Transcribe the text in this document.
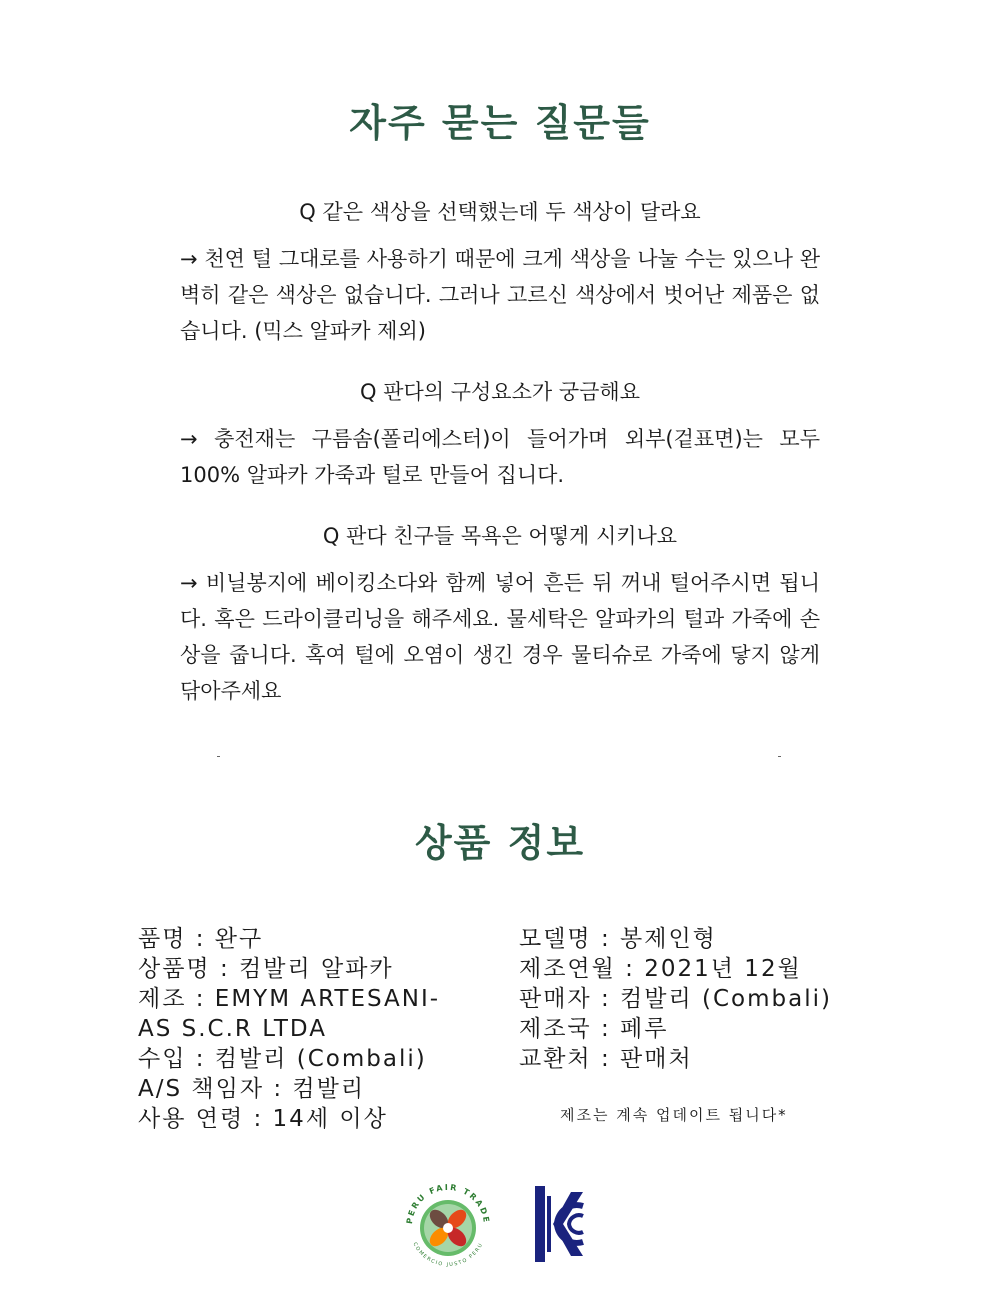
자주 묻는 질문들
Q 같은 색상을 선택했는데 두 색상이 달라요
→ 천연 털 그대로를 사용하기 때문에 크게 색상을 나눌 수는 있으나 완벽히 같은 색상은 없습니다. 그러나 고르신 색상에서 벗어난 제품은 없습니다. (믹스 알파카 제외)
Q 판다의 구성요소가 궁금해요
→ 충전재는 구름솜(폴리에스터)이 들어가며 외부(겉표면)는 모두 100% 알파카 가죽과 털로 만들어 집니다.
Q 판다 친구들 목욕은 어떻게 시키나요
→ 비닐봉지에 베이킹소다와 함께 넣어 흔든 뒤 꺼내 털어주시면 됩니다. 혹은 드라이클리닝을 해주세요. 물세탁은 알파카의 털과 가죽에 손상을 줍니다. 혹여 털에 오염이 생긴 경우 물티슈로 가죽에 닿지 않게 닦아주세요
상품 정보
품명 : 완구
상품명 : 컴발리 알파카
제조 : EMYM ARTESANI-
AS S.C.R LTDA
수입 : 컴발리 (Combali)
A/S 책임자 : 컴발리
사용 연령 : 14세 이상
모델명 : 봉제인형
제조연월 : 2021년 12월
판매자 : 컴발리 (Combali)
제조국 : 페루
교환처 : 판매처
제조는 계속 업데이트 됩니다*
PERU FAIR TRADE
COMERCIO JUSTO PERU
